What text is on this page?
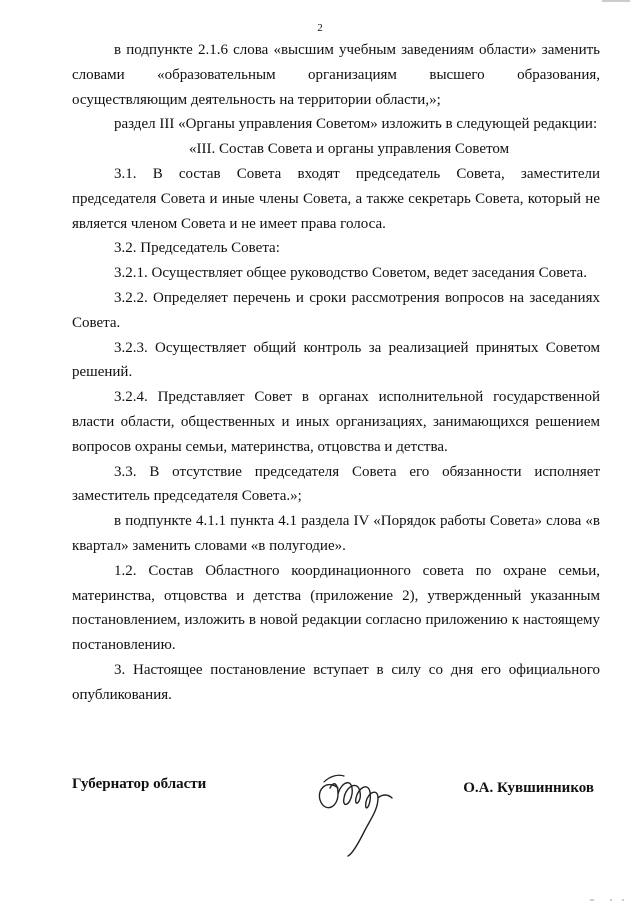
2

в подпункте 2.1.6 слова «высшим учебным заведениям области» заменить словами «образовательным организациям высшего образования, осуществляющим деятельность на территории области,»;

раздел III «Органы управления Советом» изложить в следующей редакции:

«III. Состав Совета и органы управления Советом

3.1. В состав Совета входят председатель Совета, заместители председателя Совета и иные члены Совета, а также секретарь Совета, который не является членом Совета и не имеет права голоса.

3.2. Председатель Совета:

3.2.1. Осуществляет общее руководство Советом, ведет заседания Совета.

3.2.2. Определяет перечень и сроки рассмотрения вопросов на заседаниях Совета.

3.2.3. Осуществляет общий контроль за реализацией принятых Советом решений.

3.2.4. Представляет Совет в органах исполнительной государственной власти области, общественных и иных организациях, занимающихся решением вопросов охраны семьи, материнства, отцовства и детства.

3.3. В отсутствие председателя Совета его обязанности исполняет заместитель председателя Совета.»;

в подпункте 4.1.1 пункта 4.1 раздела IV «Порядок работы Совета» слова «в квартал» заменить словами «в полугодие».

1.2. Состав Областного координационного совета по охране семьи, материнства, отцовства и детства (приложение 2), утвержденный указанным постановлением, изложить в новой редакции согласно приложению к настоящему постановлению.

3. Настоящее постановление вступает в силу со дня его официального опубликования.

Губернатор области	О.А. Кувшинников
